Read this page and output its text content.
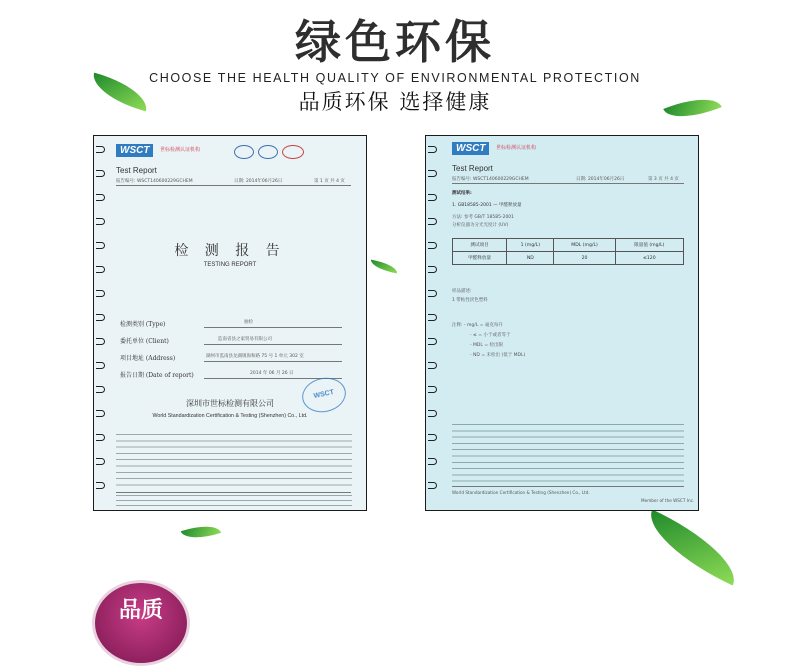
绿色环保
CHOOSE THE HEALTH QUALITY OF ENVIRONMENTAL PROTECTION
品质环保 选择健康
WSCT	世标检测认证机构
Test Report
报告编号: WSCT140600229GCHEM	日期: 2014年06月26日	第 1 页 共 4 页
检 测 报 告
TESTING REPORT
检测类别 (Type)	抽检
委托单位 (Client)	监南省县之家贸易有限公司
项目地址 (Address)	湖州市监南县龙湖镇海和路 75 号 1 单元 302 室
报告日期 (Date of report)	2014 年 06 月 26 日
WSCT
深圳市世标检测有限公司
World Standardization Certification & Testing (Shenzhen) Co., Ltd.
WSCT	世标检测认证机构
Test Report
报告编号: WSCT140600229GCHEM	日期: 2014年06月26日	第 3 页 共 4 页
测试结果:
1. GB18585-2001 — 甲醛释放量
方法: 参考 GB/T 18585-2001
分析仪器为分光光度计 (UV)
测试项目	1 (mg/L)	MDL (mg/L)	限量值 (mg/L)
甲醛释放量	ND	20	≤120
样品描述:
1 带帖性淡色塑料
注释: - mg/L = 毫克每升
- ≤ = 小于或者等于
- MDL = 检出限
- ND = 未检出 (低于 MDL)
World Standardization Certification & Testing (Shenzhen) Co., Ltd.
Member of the WSCT Inc.
品质
